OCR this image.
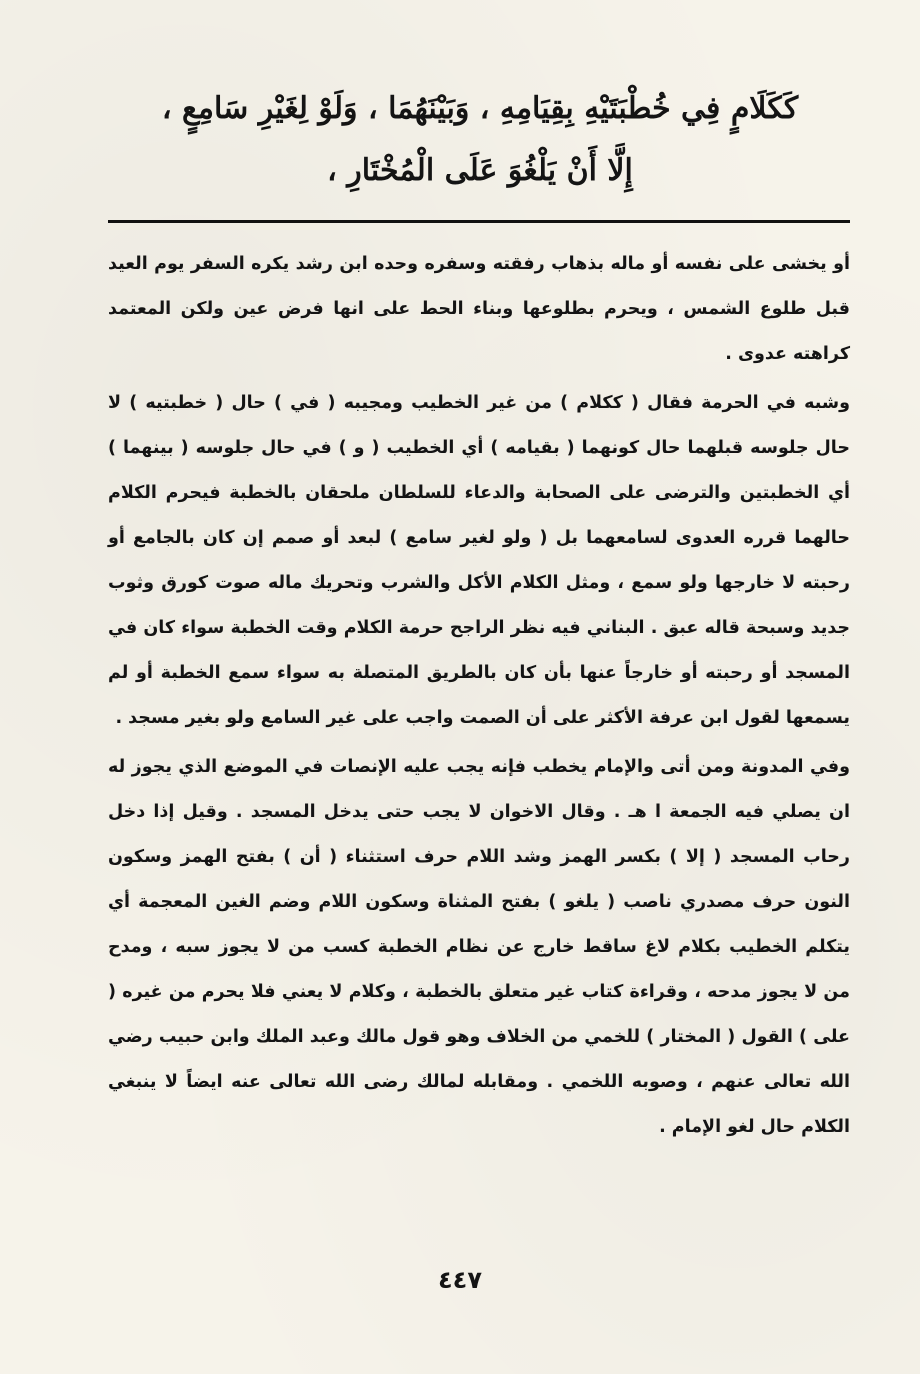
كَكَلَامٍ فِي خُطْبَتَيْهِ بِقِيَامِهِ ، وَبَيْنَهُمَا ، وَلَوْ لِغَيْرِ سَامِعٍ ،
إِلَّا أَنْ يَلْغُوَ عَلَى الْمُخْتَارِ ،

أو يخشى على نفسه أو ماله بذهاب رفقته وسفره وحده ابن رشد يكره السفر يوم العيد قبل طلوع الشمس ، ويحرم بطلوعها وبناء الحط على انها فرض عين ولكن المعتمد كراهته عدوى .

وشبه في الحرمة فقال ( ككلام ) من غير الخطيب ومجيبه ( في ) حال ( خطبتيه ) لا حال جلوسه قبلهما حال كونهما ( بقيامه ) أي الخطيب ( و ) في حال جلوسه ( بينهما ) أي الخطبتين والترضى على الصحابة والدعاء للسلطان ملحقان بالخطبة فيحرم الكلام حالهما قرره العدوى لسامعهما بل ( ولو لغير سامع ) لبعد أو صمم إن كان بالجامع أو رحبته لا خارجها ولو سمع ، ومثل الكلام الأكل والشرب وتحريك ماله صوت كورق وثوب جديد وسبحة قاله عبق . البناني فيه نظر الراجح حرمة الكلام وقت الخطبة سواء كان في المسجد أو رحبته أو خارجاً عنها بأن كان بالطريق المتصلة به سواء سمع الخطبة أو لم يسمعها لقول ابن عرفة الأكثر على أن الصمت واجب على غير السامع ولو بغير مسجد .

وفي المدونة ومن أتى والإمام يخطب فإنه يجب عليه الإنصات في الموضع الذي يجوز له ان يصلي فيه الجمعة ا هـ . وقال الاخوان لا يجب حتى يدخل المسجد . وقيل إذا دخل رحاب المسجد ( إلا ) بكسر الهمز وشد اللام حرف استثناء ( أن ) بفتح الهمز وسكون النون حرف مصدري ناصب ( يلغو ) بفتح المثناة وسكون اللام وضم الغين المعجمة أي يتكلم الخطيب بكلام لاغ ساقط خارج عن نظام الخطبة كسب من لا يجوز سبه ، ومدح من لا يجوز مدحه ، وقراءة كتاب غير متعلق بالخطبة ، وكلام لا يعني فلا يحرم من غيره ( على ) القول ( المختار ) للخمي من الخلاف وهو قول مالك وعبد الملك وابن حبيب رضي الله تعالى عنهم ، وصوبه اللخمي . ومقابله لمالك رضى الله تعالى عنه ايضاً لا ينبغي الكلام حال لغو الإمام .

٤٤٧
